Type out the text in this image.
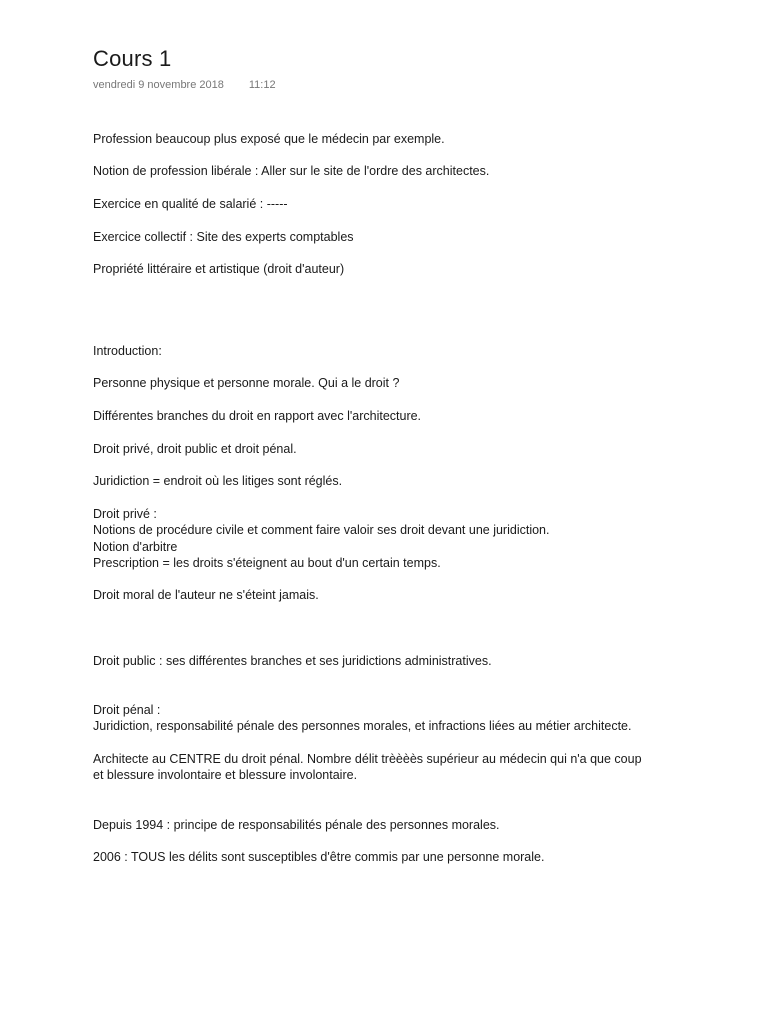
Cours 1
vendredi 9 novembre 2018 11:12
Profession beaucoup plus exposé que le médecin par exemple.
Notion de profession libérale : Aller sur le site de l'ordre des architectes.
Exercice en qualité de salarié : -----
Exercice collectif : Site des experts comptables
Propriété littéraire et artistique (droit d'auteur)
Introduction:
Personne physique et personne morale. Qui a le droit ?
Différentes branches du droit en rapport avec l'architecture.
Droit privé, droit public et droit pénal.
Juridiction = endroit où les litiges sont réglés.
Droit privé :
Notions de procédure civile et comment faire valoir ses droit devant une juridiction.
Notion d'arbitre
Prescription = les droits s'éteignent au bout d'un certain temps.
Droit moral de l'auteur ne s'éteint jamais.
Droit public : ses différentes branches et ses juridictions administratives.
Droit pénal :
Juridiction, responsabilité pénale des personnes morales, et infractions liées au métier architecte.
Architecte au CENTRE du droit pénal. Nombre délit trèèèès supérieur au médecin qui n'a que coup
et blessure involontaire et blessure involontaire.
Depuis 1994 : principe de responsabilités pénale des personnes morales.
2006 : TOUS les délits sont susceptibles d'être commis par une personne morale.
